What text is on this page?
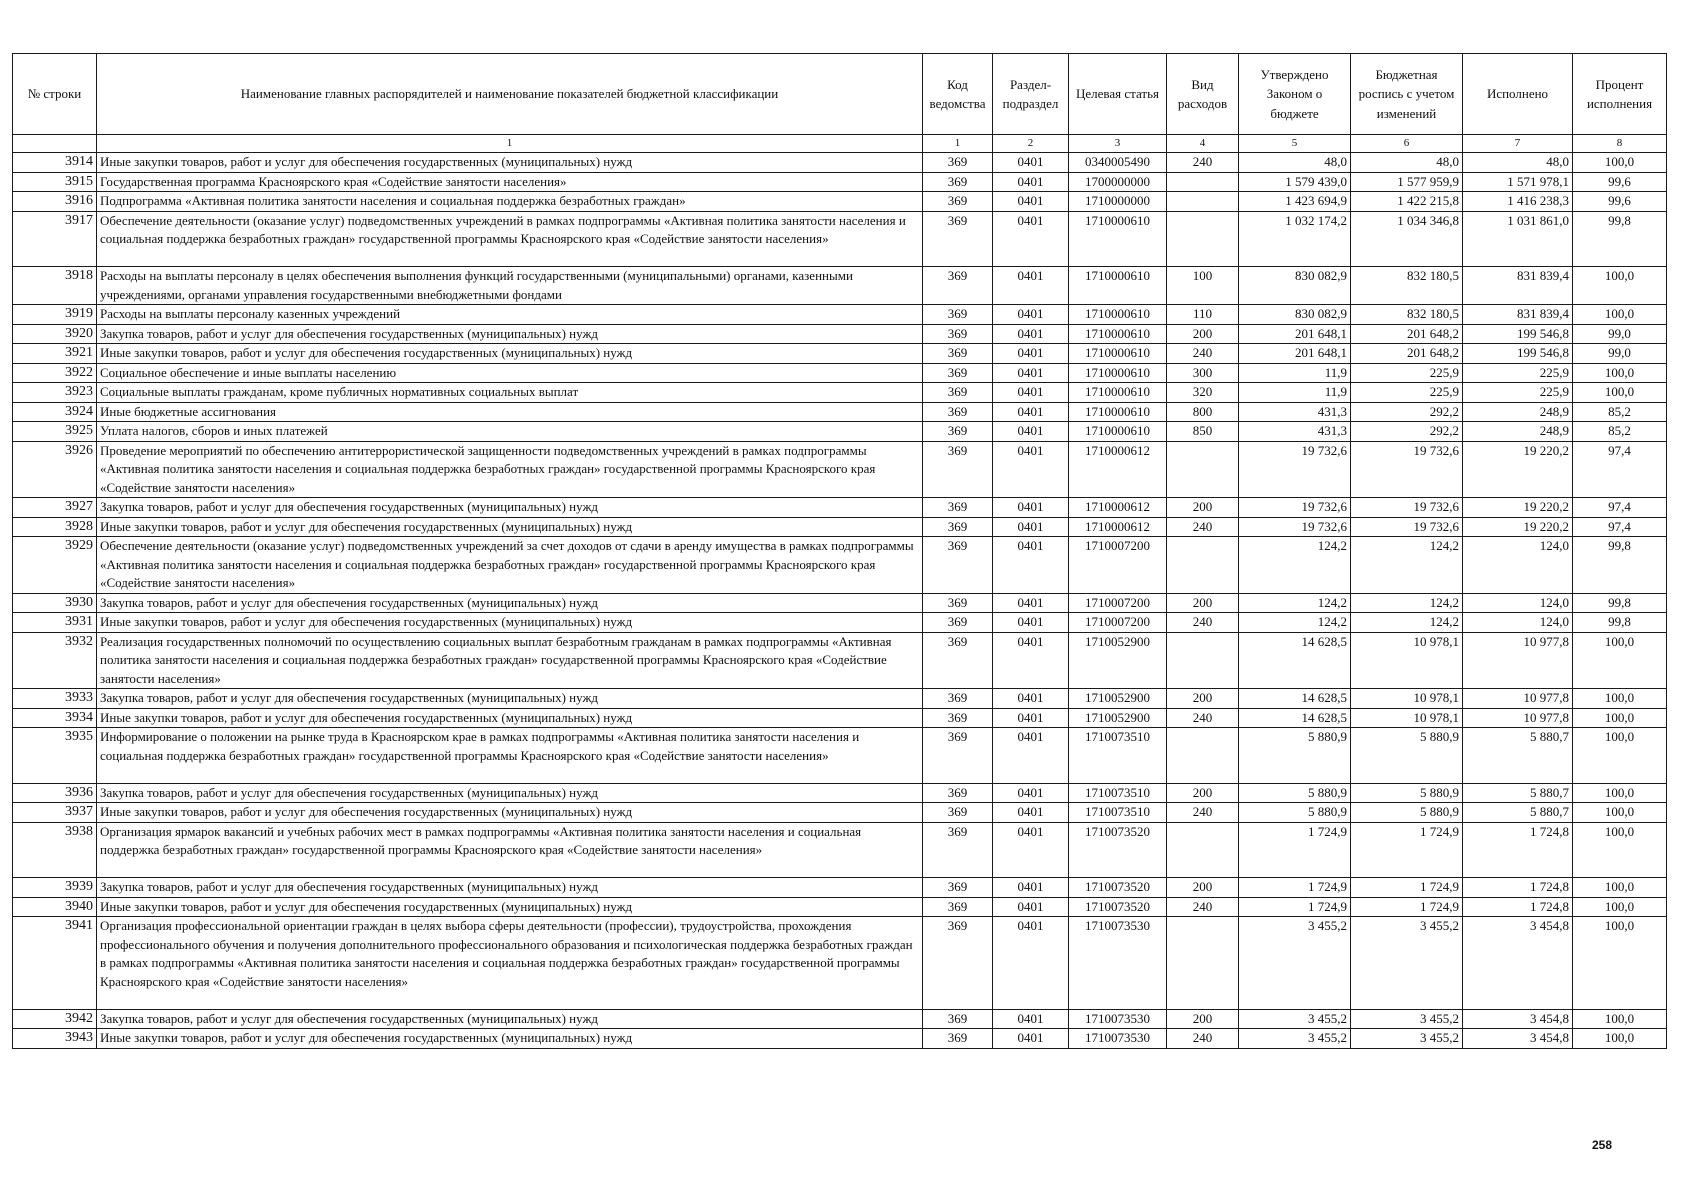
№ строки	Наименование главных распорядителей и наименование показателей бюджетной классификации	Код ведомства	Раздел-подраздел	Целевая статья	Вид расходов	Утверждено Законом о бюджете	Бюджетная роспись с учетом изменений	Исполнено	Процент исполнения
	1	1	2	3	4	5	6	7	8
3914	Иные закупки товаров, работ и услуг для обеспечения государственных (муниципальных) нужд	369	0401	0340005490	240	48,0	48,0	48,0	100,0
3915	Государственная программа Красноярского края «Содействие занятости населения»	369	0401	1700000000		1 579 439,0	1 577 959,9	1 571 978,1	99,6
3916	Подпрограмма «Активная политика занятости населения и социальная поддержка безработных граждан»	369	0401	1710000000		1 423 694,9	1 422 215,8	1 416 238,3	99,6
3917	Обеспечение деятельности (оказание услуг) подведомственных учреждений в рамках подпрограммы «Активная политика занятости населения и социальная поддержка безработных граждан» государственной программы Красноярского края «Содействие занятости населения»	369	0401	1710000610		1 032 174,2	1 034 346,8	1 031 861,0	99,8
3918	Расходы на выплаты персоналу в целях обеспечения выполнения функций государственными (муниципальными) органами, казенными учреждениями, органами управления государственными внебюджетными фондами	369	0401	1710000610	100	830 082,9	832 180,5	831 839,4	100,0
3919	Расходы на выплаты персоналу казенных учреждений	369	0401	1710000610	110	830 082,9	832 180,5	831 839,4	100,0
3920	Закупка товаров, работ и услуг для обеспечения государственных (муниципальных) нужд	369	0401	1710000610	200	201 648,1	201 648,2	199 546,8	99,0
3921	Иные закупки товаров, работ и услуг для обеспечения государственных (муниципальных) нужд	369	0401	1710000610	240	201 648,1	201 648,2	199 546,8	99,0
3922	Социальное обеспечение и иные выплаты населению	369	0401	1710000610	300	11,9	225,9	225,9	100,0
3923	Социальные выплаты гражданам, кроме публичных нормативных социальных выплат	369	0401	1710000610	320	11,9	225,9	225,9	100,0
3924	Иные бюджетные ассигнования	369	0401	1710000610	800	431,3	292,2	248,9	85,2
3925	Уплата налогов, сборов и иных платежей	369	0401	1710000610	850	431,3	292,2	248,9	85,2
3926	Проведение мероприятий по обеспечению антитеррористической защищенности подведомственных учреждений в рамках подпрограммы «Активная политика занятости населения и социальная поддержка безработных граждан» государственной программы Красноярского края «Содействие занятости населения»	369	0401	1710000612		19 732,6	19 732,6	19 220,2	97,4
3927	Закупка товаров, работ и услуг для обеспечения государственных (муниципальных) нужд	369	0401	1710000612	200	19 732,6	19 732,6	19 220,2	97,4
3928	Иные закупки товаров, работ и услуг для обеспечения государственных (муниципальных) нужд	369	0401	1710000612	240	19 732,6	19 732,6	19 220,2	97,4
3929	Обеспечение деятельности (оказание услуг) подведомственных учреждений за счет доходов от сдачи в аренду имущества в рамках подпрограммы «Активная политика занятости населения и социальная поддержка безработных граждан» государственной программы Красноярского края «Содействие занятости населения»	369	0401	1710007200		124,2	124,2	124,0	99,8
3930	Закупка товаров, работ и услуг для обеспечения государственных (муниципальных) нужд	369	0401	1710007200	200	124,2	124,2	124,0	99,8
3931	Иные закупки товаров, работ и услуг для обеспечения государственных (муниципальных) нужд	369	0401	1710007200	240	124,2	124,2	124,0	99,8
3932	Реализация государственных полномочий по осуществлению социальных выплат безработным гражданам в рамках подпрограммы «Активная политика занятости населения и социальная поддержка безработных граждан» государственной программы Красноярского края «Содействие занятости населения»	369	0401	1710052900		14 628,5	10 978,1	10 977,8	100,0
3933	Закупка товаров, работ и услуг для обеспечения государственных (муниципальных) нужд	369	0401	1710052900	200	14 628,5	10 978,1	10 977,8	100,0
3934	Иные закупки товаров, работ и услуг для обеспечения государственных (муниципальных) нужд	369	0401	1710052900	240	14 628,5	10 978,1	10 977,8	100,0
3935	Информирование о положении на рынке труда в Красноярском крае в рамках подпрограммы «Активная политика занятости населения и социальная поддержка безработных граждан» государственной программы Красноярского края «Содействие занятости населения»	369	0401	1710073510		5 880,9	5 880,9	5 880,7	100,0
3936	Закупка товаров, работ и услуг для обеспечения государственных (муниципальных) нужд	369	0401	1710073510	200	5 880,9	5 880,9	5 880,7	100,0
3937	Иные закупки товаров, работ и услуг для обеспечения государственных (муниципальных) нужд	369	0401	1710073510	240	5 880,9	5 880,9	5 880,7	100,0
3938	Организация ярмарок вакансий и учебных рабочих мест в рамках подпрограммы «Активная политика занятости населения и социальная поддержка безработных граждан» государственной программы Красноярского края «Содействие занятости населения»	369	0401	1710073520		1 724,9	1 724,9	1 724,8	100,0
3939	Закупка товаров, работ и услуг для обеспечения государственных (муниципальных) нужд	369	0401	1710073520	200	1 724,9	1 724,9	1 724,8	100,0
3940	Иные закупки товаров, работ и услуг для обеспечения государственных (муниципальных) нужд	369	0401	1710073520	240	1 724,9	1 724,9	1 724,8	100,0
3941	Организация профессиональной ориентации граждан в целях выбора сферы деятельности (профессии), трудоустройства, прохождения профессионального обучения и получения дополнительного профессионального образования и психологическая поддержка безработных граждан в рамках подпрограммы «Активная политика занятости населения и социальная поддержка безработных граждан» государственной программы Красноярского края «Содействие занятости населения»	369	0401	1710073530		3 455,2	3 455,2	3 454,8	100,0
3942	Закупка товаров, работ и услуг для обеспечения государственных (муниципальных) нужд	369	0401	1710073530	200	3 455,2	3 455,2	3 454,8	100,0
3943	Иные закупки товаров, работ и услуг для обеспечения государственных (муниципальных) нужд	369	0401	1710073530	240	3 455,2	3 455,2	3 454,8	100,0
258
